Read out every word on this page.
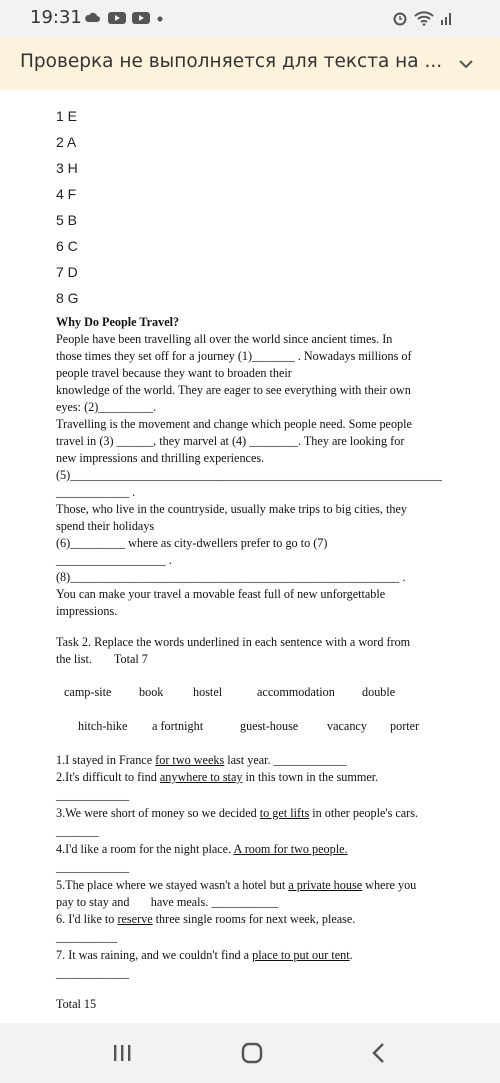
19:31
Проверка не выполняется для текста на ...
1 E
2 A
3 H
4 F
5 B
6 C
7 D
8 G
Why Do People Travel?
People have been travelling all over the world since ancient times. In
those times they set off for a journey (1)_______ . Nowadays millions of
people travel because they want to broaden their
knowledge of the world. They are eager to see everything with their own
eyes: (2)_________.
Travelling is the movement and change which people need. Some people
travel in (3) ______, they marvel at (4) ________. They are looking for
new impressions and thrilling experiences.
(5)_____________________________________________________________
____________ .
Those, who live in the countryside, usually make trips to big cities, they
spend their holidays
(6)_________ where as city-dwellers prefer to go to (7)
__________________ .
(8)______________________________________________________ .
You can make your travel a movable feast full of new unforgettable
impressions.
Task 2. Replace the words underlined in each sentence with a word from
the list. Total 7
camp-site book hostel	accommodation double
hitch-hike a fortnight	guest-house vacancy porter
1.I stayed in France for two weeks last year. ____________
2.It's difficult to find anywhere to stay in this town in the summer.
____________
3.We were short of money so we decided to get lifts in other people's cars.
_______
4.I'd like a room for the night place. A room for two people.
____________
5.The place where we stayed wasn't a hotel but a private house where you
pay to stay and       have meals. ___________
6. I'd like to reserve three single rooms for next week, please.
__________
7. It was raining, and we couldn't find a place to put our tent.
____________
Total 15
